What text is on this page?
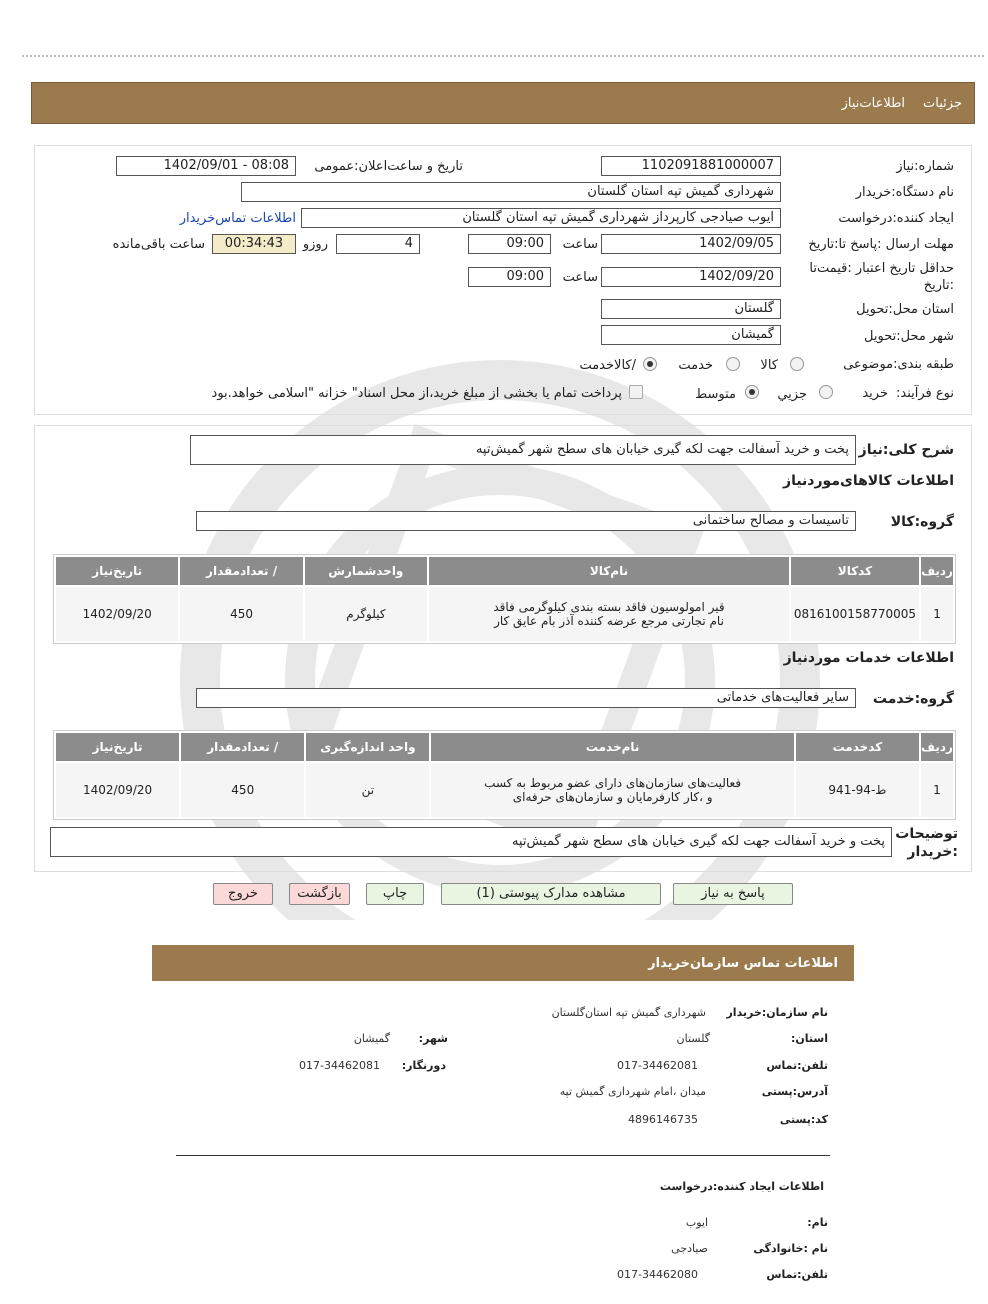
جزئیات
اطلاعات‌نیاز
شماره:نیاز
1102091881000007
تاریخ و ساعت‌اعلان:عمومی
1402/09/01 - 08:08
نام دستگاه:خریدار
شهرداری گمیش تپه استان گلستان
ایجاد کننده:درخواست
ایوب صیادجی کارپرداز شهرداری گمیش تپه استان گلستان
اطلاعات تماس‌خریدار
مهلت ارسال :پاسخ تا:تاریخ
1402/09/05
ساعت
09:00
4
روزو
00:34:43
ساعت باقی‌مانده
حداقل تاریخ اعتبار :قیمت‌تا :تاریخ
1402/09/20
ساعت
09:00
استان محل:تحویل
گلستان
شهر محل:تحویل
گمیشان
طبقه بندی:موضوعی
کالا
خدمت
/کالاخدمت
نوع فرآیند:
خرید
جزیي
متوسط
پرداخت تمام یا بخشی از مبلغ خرید،از محل اسناد" خزانه "اسلامی خواهد.بود
شرح کلی:نیاز
پخت و خرید آسفالت جهت لکه گیری خیابان های سطح شهر گمیش‌تپه
اطلاعات کالاهای‌موردنیاز
گروه:کالا
تاسیسات و مصالح ساختمانی
ردیف	کدکالا	نام‌کالا	واحدشمارش	/ تعدادمقدار	تاریخ‌نیاز
1	0816100158770005	قیر امولوسیون فاقد بسته بندی کیلوگرمی فاقد نام تجارتی مرجع عرضه کننده آذر بام عایق کار	کیلوگرم	450	1402/09/20
اطلاعات خدمات موردنیاز
گروه:خدمت
سایر فعالیت‌های خدماتی
ردیف	کدخدمت	نام‌خدمت	واحد اندازه‌گیری	/ تعدادمقدار	تاریخ‌نیاز
1	ط-94-941	فعالیت‌های سازمان‌های دارای عضو مربوط به کسب و ،کار کارفرمایان و سازمان‌های حرفه‌ای	تن	450	1402/09/20
توضیحات :خریدار
پخت و خرید آسفالت جهت لکه گیری خیابان های سطح شهر گمیش‌تپه
پاسخ به نیاز
مشاهده مدارک پیوستی (1)
چاپ
بازگشت
خروج
اطلاعات تماس سازمان‌خریدار
نام سازمان:خریدار
شهرداری گمیش تپه استان‌گلستان
استان:
گلستان
شهر:
گمیشان
تلفن:تماس
017-34462081
دورنگار:
017-34462081
آدرس:پستی
میدان ،امام شهرداری گمیش تپه
کد:پستی
4896146735
اطلاعات ایجاد کننده:درخواست
نام:
ایوب
نام :خانوادگی
صیادجی
تلفن:تماس
017-34462080
